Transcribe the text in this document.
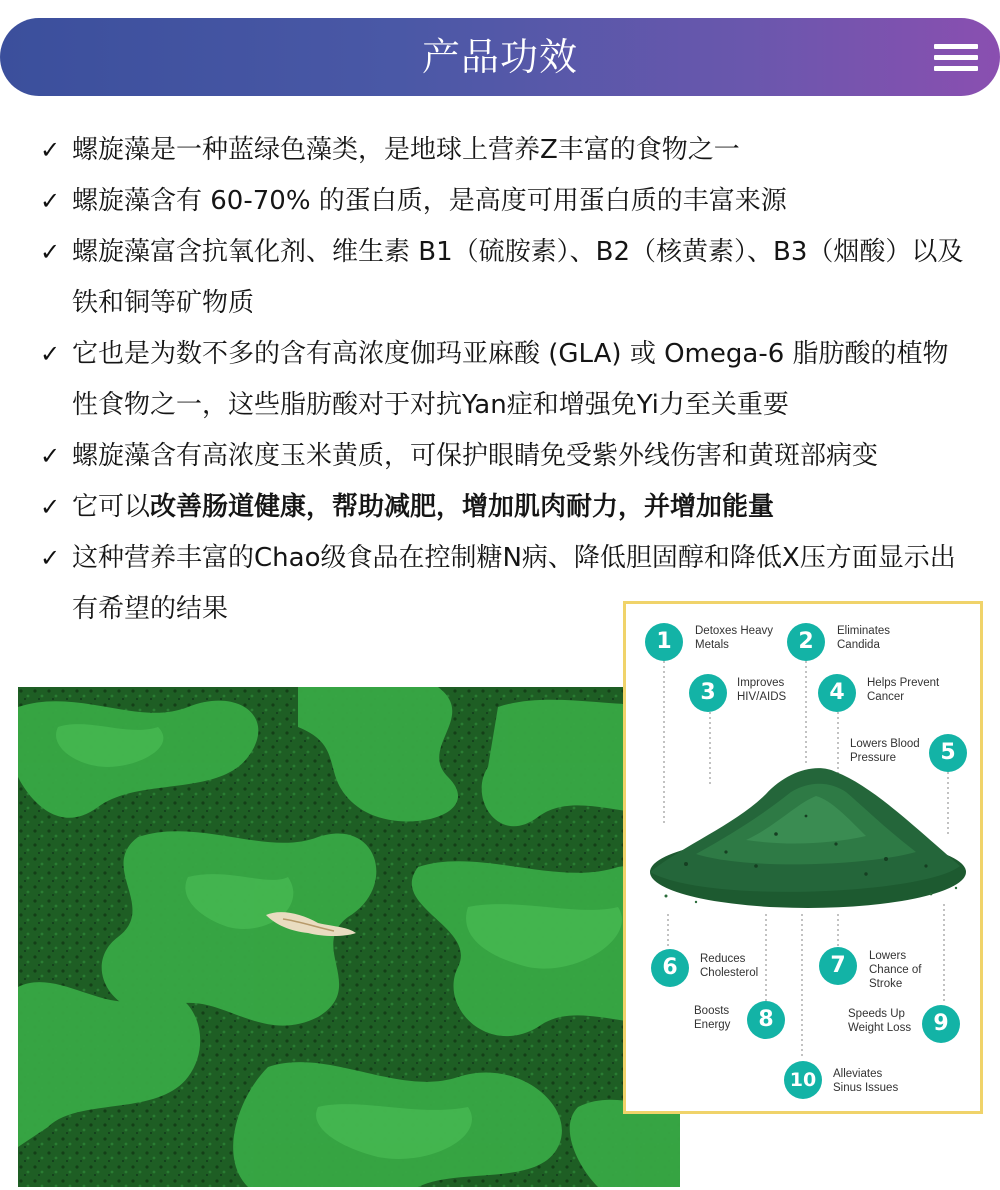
产品功效
✓ 螺旋藻是一种蓝绿色藻类，是地球上营养Z丰富的食物之一
✓ 螺旋藻含有 60-70% 的蛋白质，是高度可用蛋白质的丰富来源
✓ 螺旋藻富含抗氧化剂、维生素 B1（硫胺素）、B2（核黄素）、B3（烟酸）以及铁和铜等矿物质
✓ 它也是为数不多的含有高浓度伽玛亚麻酸 (GLA) 或 Omega-6 脂肪酸的植物性食物之一，这些脂肪酸对于对抗Yan症和增强免Yi力至关重要
✓ 螺旋藻含有高浓度玉米黄质，可保护眼睛免受紫外线伤害和黄斑部病变
✓ 它可以改善肠道健康，帮助减肥，增加肌肉耐力，并增加能量
✓ 这种营养丰富的Chao级食品在控制糖N病、降低胆固醇和降低X压方面显示出有希望的结果
1	Detoxes Heavy
Metals	2	Eliminates
Candida
3	Improves
HIV/AIDS	4	Helps Prevent
Cancer
5
Lowers Blood
Pressure
6	Reduces
Cholesterol	7	Lowers
Chance of
Stroke
8
Boosts
Energy	9
Speeds Up
Weight Loss
10	Alleviates
Sinus Issues
